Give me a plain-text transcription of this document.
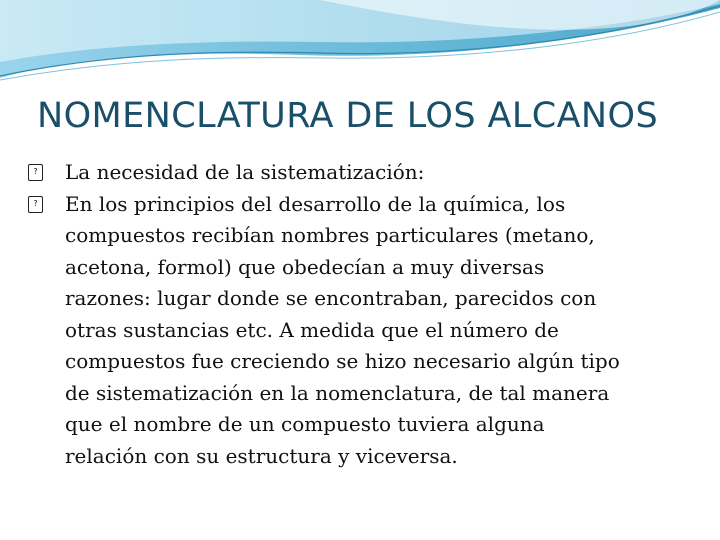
NOMENCLATURA DE LOS ALCANOS

?
La necesidad de la sistematización:

?
En los principios del desarrollo de la química, los
compuestos recibían nombres particulares (metano,
acetona, formol) que obedecían a muy diversas
razones: lugar donde se encontraban, parecidos con
otras sustancias etc. A medida que el número de
compuestos fue creciendo se hizo necesario algún tipo
de sistematización en la nomenclatura, de tal manera
que el nombre de un compuesto tuviera alguna
relación con su estructura y viceversa.
